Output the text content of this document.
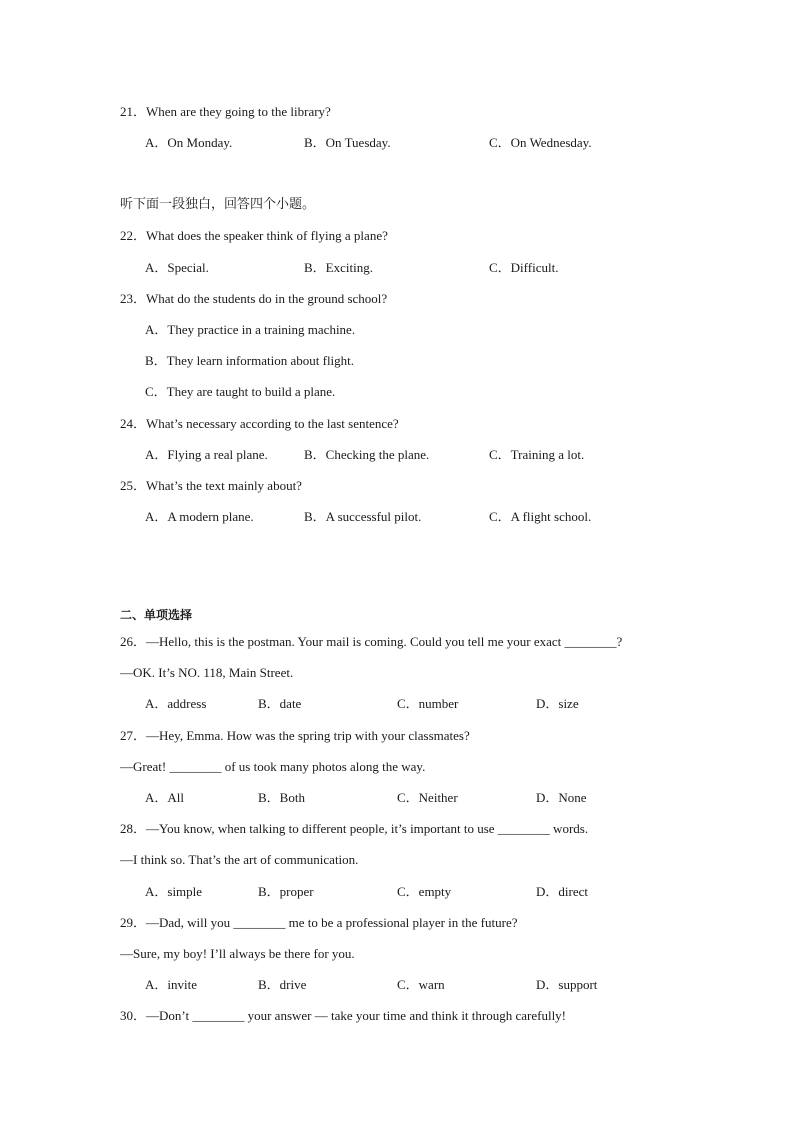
21．When are they going to the library?
A．On Monday.	B．On Tuesday.	C．On Wednesday.
听下面一段独白，回答四个小题。
22．What does the speaker think of flying a plane?
A．Special.	B．Exciting.	C．Difficult.
23．What do the students do in the ground school?
A．They practice in a training machine.
B．They learn information about flight.
C．They are taught to build a plane.
24．What’s necessary according to the last sentence?
A．Flying a real plane.	B．Checking the plane.	C．Training a lot.
25．What’s the text mainly about?
A．A modern plane.	B．A successful pilot.	C．A flight school.
二、单项选择
26．—Hello, this is the postman. Your mail is coming. Could you tell me your exact ________?
—OK. It’s NO. 118, Main Street.
A．address	B．date	C．number	D．size
27．—Hey, Emma. How was the spring trip with your classmates?
—Great! ________ of us took many photos along the way.
A．All	B．Both	C．Neither	D．None
28．—You know, when talking to different people, it’s important to use ________ words.
—I think so. That’s the art of communication.
A．simple	B．proper	C．empty	D．direct
29．—Dad, will you ________ me to be a professional player in the future?
—Sure, my boy! I’ll always be there for you.
A．invite	B．drive	C．warn	D．support
30．—Don’t ________ your answer — take your time and think it through carefully!
